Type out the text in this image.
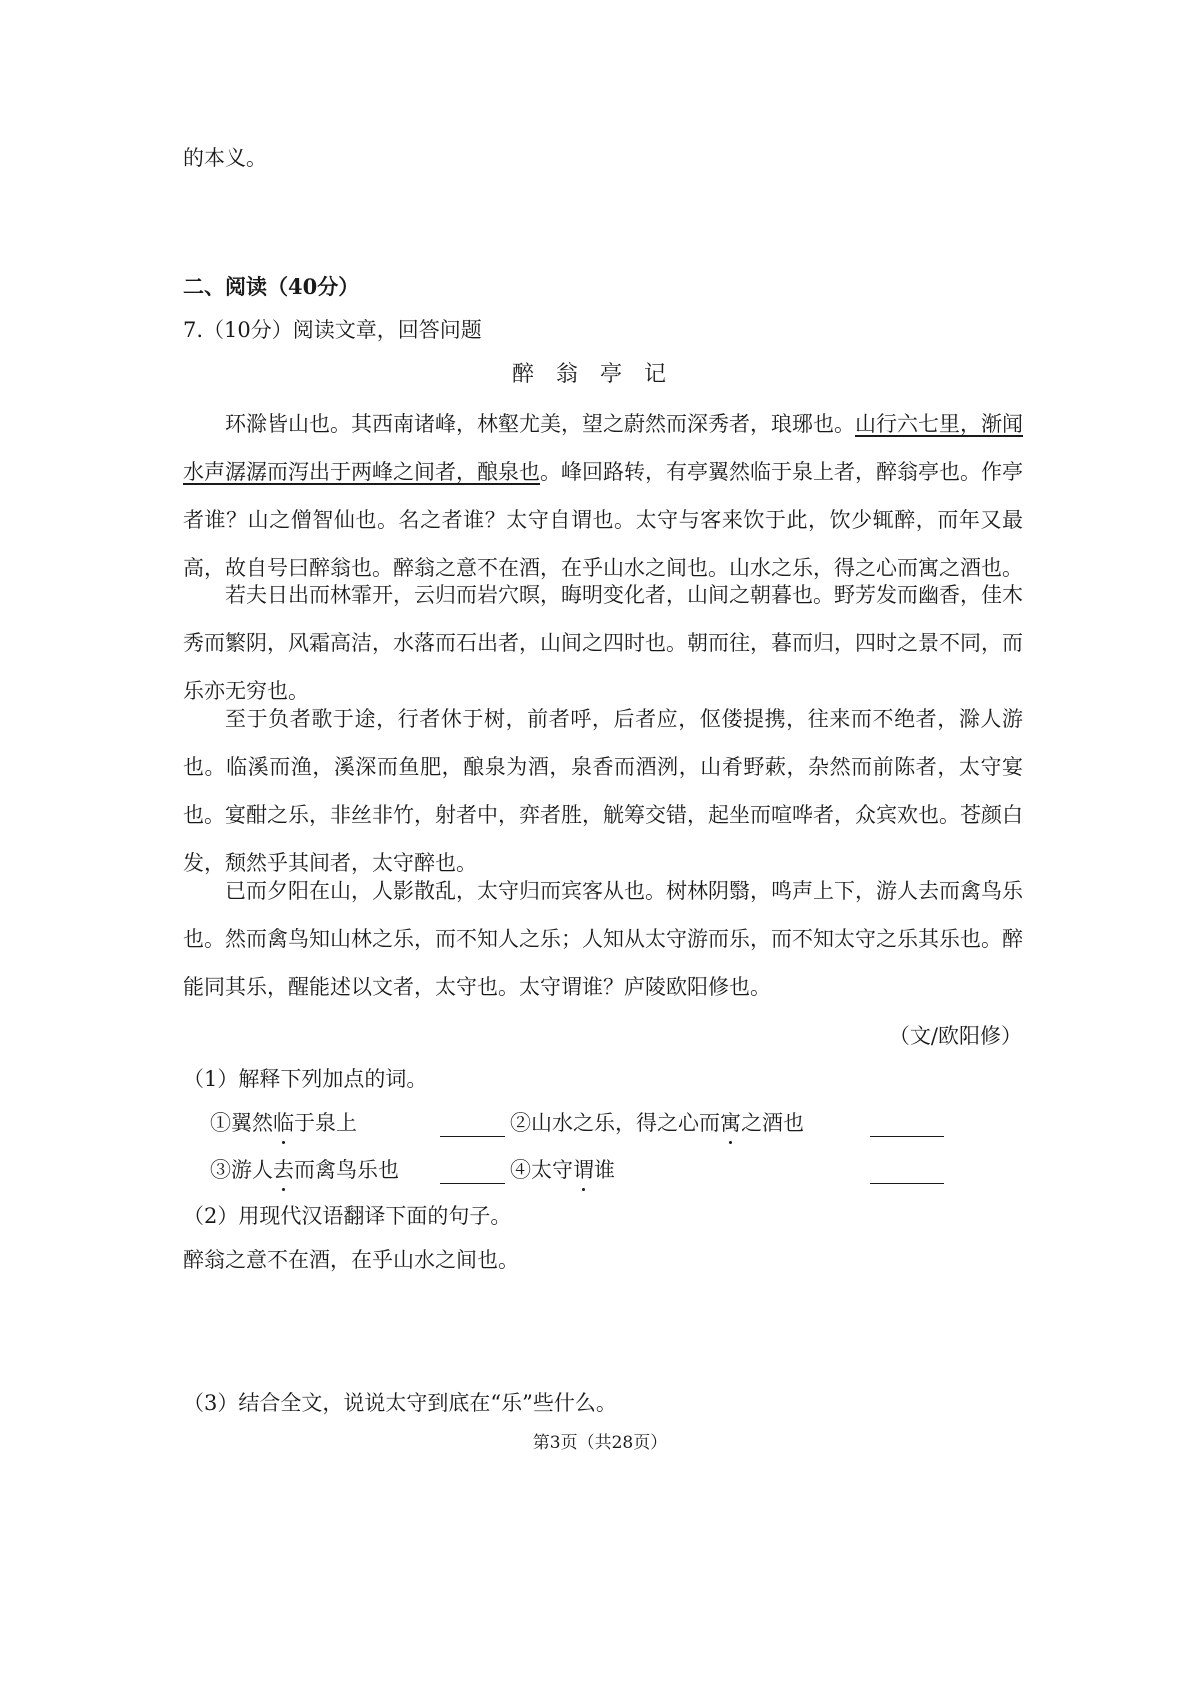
的本义。
二、阅读（40分）
7.（10分）阅读文章，回答问题
醉翁亭记
环滁皆山也。其西南诸峰，林壑尤美，望之蔚然而深秀者，琅琊也。山行六七里，渐闻水声潺潺而泻出于两峰之间者，酿泉也。峰回路转，有亭翼然临于泉上者，醉翁亭也。作亭者谁？山之僧智仙也。名之者谁？太守自谓也。太守与客来饮于此，饮少辄醉，而年又最高，故自号曰醉翁也。醉翁之意不在酒，在乎山水之间也。山水之乐，得之心而寓之酒也。
若夫日出而林霏开，云归而岩穴暝，晦明变化者，山间之朝暮也。野芳发而幽香，佳木秀而繁阴，风霜高洁，水落而石出者，山间之四时也。朝而往，暮而归，四时之景不同，而乐亦无穷也。
至于负者歌于途，行者休于树，前者呼，后者应，伛偻提携，往来而不绝者，滁人游也。临溪而渔，溪深而鱼肥，酿泉为酒，泉香而酒洌，山肴野蔌，杂然而前陈者，太守宴也。宴酣之乐，非丝非竹，射者中，弈者胜，觥筹交错，起坐而喧哗者，众宾欢也。苍颜白发，颓然乎其间者，太守醉也。
已而夕阳在山，人影散乱，太守归而宾客从也。树林阴翳，鸣声上下，游人去而禽鸟乐也。然而禽鸟知山林之乐，而不知人之乐；人知从太守游而乐，而不知太守之乐其乐也。醉能同其乐，醒能述以文者，太守也。太守谓谁？庐陵欧阳修也。
（文/欧阳修）
（1）解释下列加点的词。
①翼然临于泉上	②山水之乐，得之心而寓之酒也
③游人去而禽鸟乐也	④太守谓谁
（2）用现代汉语翻译下面的句子。
醉翁之意不在酒，在乎山水之间也。
（3）结合全文，说说太守到底在“乐”些什么。
第3页（共28页）
